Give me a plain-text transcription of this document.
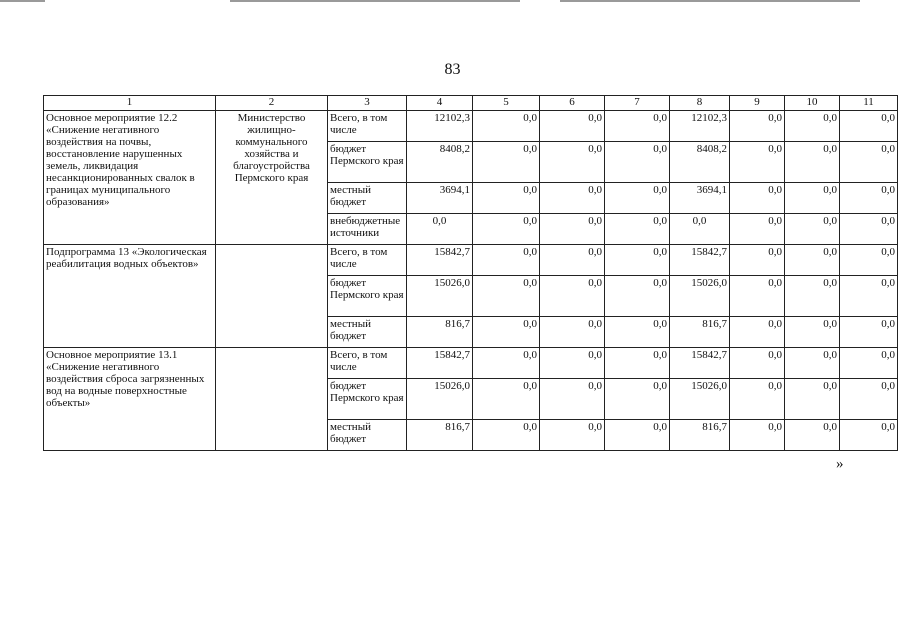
83
1	2	3	4	5	6	7	8	9	10	11
Основное мероприятие 12.2 «Снижение негативного воздействия на почвы, восстановление нарушенных земель, ликвидация несанкционированных свалок в границах муниципального образования»	Министерство жилищно-коммунального хозяйства и благоустройства Пермского края	Всего, в том числе	12102,3	0,0	0,0	0,0	12102,3	0,0	0,0	0,0
		бюджет Пермского края	8408,2	0,0	0,0	0,0	8408,2	0,0	0,0	0,0
		местный бюджет	3694,1	0,0	0,0	0,0	3694,1	0,0	0,0	0,0
		внебюджетные источники	0,0	0,0	0,0	0,0	0,0	0,0	0,0	0,0
Подпрограмма 13 «Экологическая реабилитация водных объектов»		Всего, в том числе	15842,7	0,0	0,0	0,0	15842,7	0,0	0,0	0,0
		бюджет Пермского края	15026,0	0,0	0,0	0,0	15026,0	0,0	0,0	0,0
		местный бюджет	816,7	0,0	0,0	0,0	816,7	0,0	0,0	0,0
Основное мероприятие 13.1 «Снижение негативного воздействия сброса загрязненных вод на водные поверхностные объекты»		Всего, в том числе	15842,7	0,0	0,0	0,0	15842,7	0,0	0,0	0,0
		бюджет Пермского края	15026,0	0,0	0,0	0,0	15026,0	0,0	0,0	0,0
		местный бюджет	816,7	0,0	0,0	0,0	816,7	0,0	0,0	0,0
»
